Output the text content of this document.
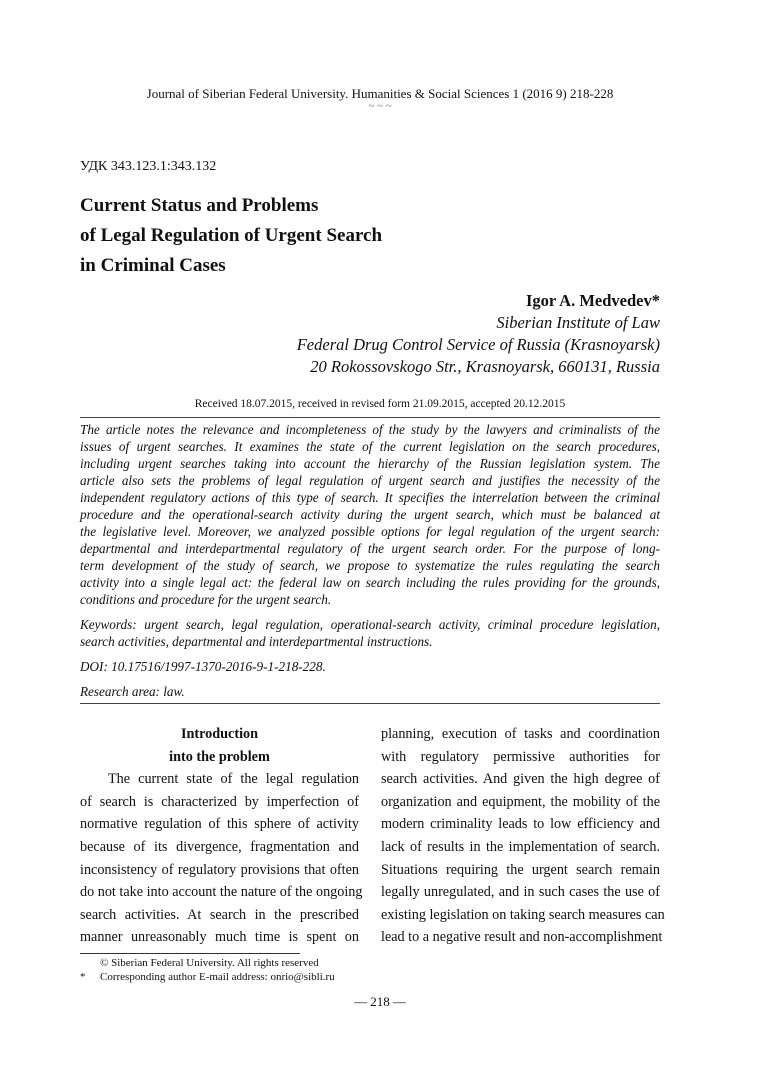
Journal of Siberian Federal University. Humanities & Social Sciences 1 (2016 9) 218-228
~ ~ ~
УДК 343.123.1:343.132
Current Status and Problems
of Legal Regulation of Urgent Search
in Criminal Cases
Igor A. Medvedev*
Siberian Institute of Law
Federal Drug Control Service of Russia (Krasnoyarsk)
20 Rokossovskogo Str., Krasnoyarsk, 660131, Russia
Received 18.07.2015, received in revised form 21.09.2015, accepted 20.12.2015

The article notes the relevance and incompleteness of the study by the lawyers and criminalists of the
issues of urgent searches. It examines the state of the current legislation on the search procedures,
including urgent searches taking into account the hierarchy of the Russian legislation system. The
article also sets the problems of legal regulation of urgent search and justifies the necessity of the
independent regulatory actions of this type of search. It specifies the interrelation between the criminal
procedure and the operational-search activity during the urgent search, which must be balanced at
the legislative level. Moreover, we analyzed possible options for legal regulation of the urgent search:
departmental and interdepartmental regulatory of the urgent search order. For the purpose of long-
term development of the study of search, we propose to systematize the rules regulating the search
activity into a single legal act: the federal law on search including the rules providing for the grounds,
conditions and procedure for the urgent search.

Keywords: urgent search, legal regulation, operational-search activity, criminal procedure legislation,
search activities, departmental and interdepartmental instructions.

DOI: 10.17516/1997-1370-2016-9-1-218-228.

Research area: law.

Introduction
into the problem
The current state of the legal regulation
of search is characterized by imperfection of
normative regulation of this sphere of activity
because of its divergence, fragmentation and
inconsistency of regulatory provisions that often
do not take into account the nature of the ongoing
search activities. At search in the prescribed
manner unreasonably much time is spent on
planning, execution of tasks and coordination
with regulatory permissive authorities for
search activities. And given the high degree of
organization and equipment, the mobility of the
modern criminality leads to low efficiency and
lack of results in the implementation of search.
Situations requiring the urgent search remain
legally unregulated, and in such cases the use of
existing legislation on taking search measures can
lead to a negative result and non-accomplishment
© Siberian Federal University. All rights reserved
* Corresponding author E-mail address: onrio@sibli.ru
— 218 —
